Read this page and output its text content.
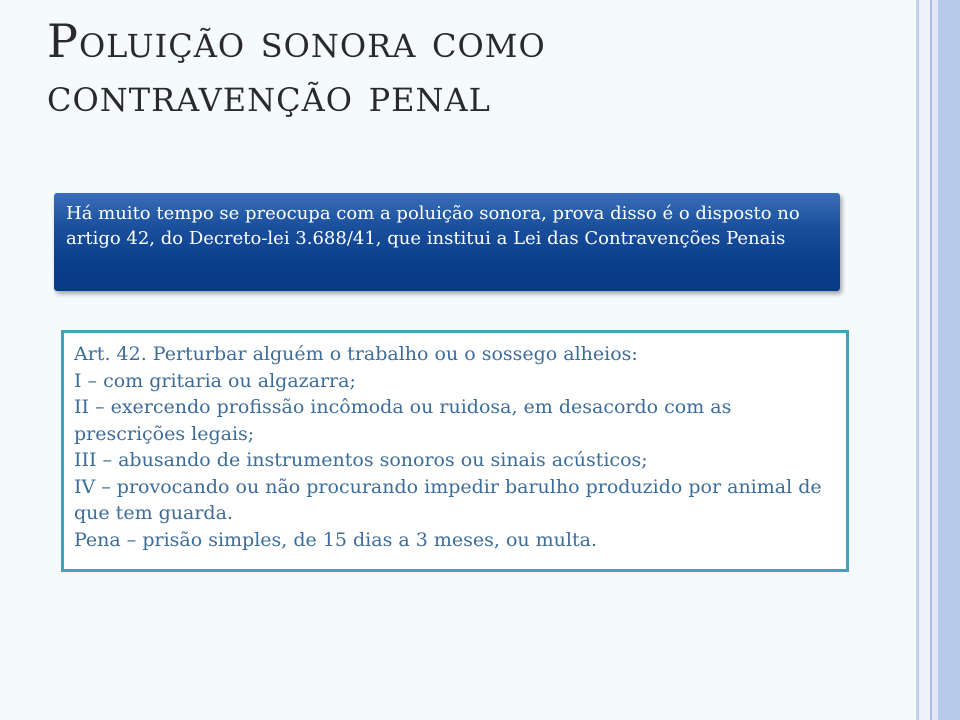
Poluição sonora como contravenção penal
Há muito tempo se preocupa com a poluição sonora, prova disso é o disposto no artigo 42, do Decreto-lei 3.688/41, que institui a Lei das Contravenções Penais
Art. 42. Perturbar alguém o trabalho ou o sossego alheios:
I – com gritaria ou algazarra;
II – exercendo profissão incômoda ou ruidosa, em desacordo com as prescrições legais;
III – abusando de instrumentos sonoros ou sinais acústicos;
IV – provocando ou não procurando impedir barulho produzido por animal de que tem guarda.
Pena – prisão simples, de 15 dias a 3 meses, ou multa.
